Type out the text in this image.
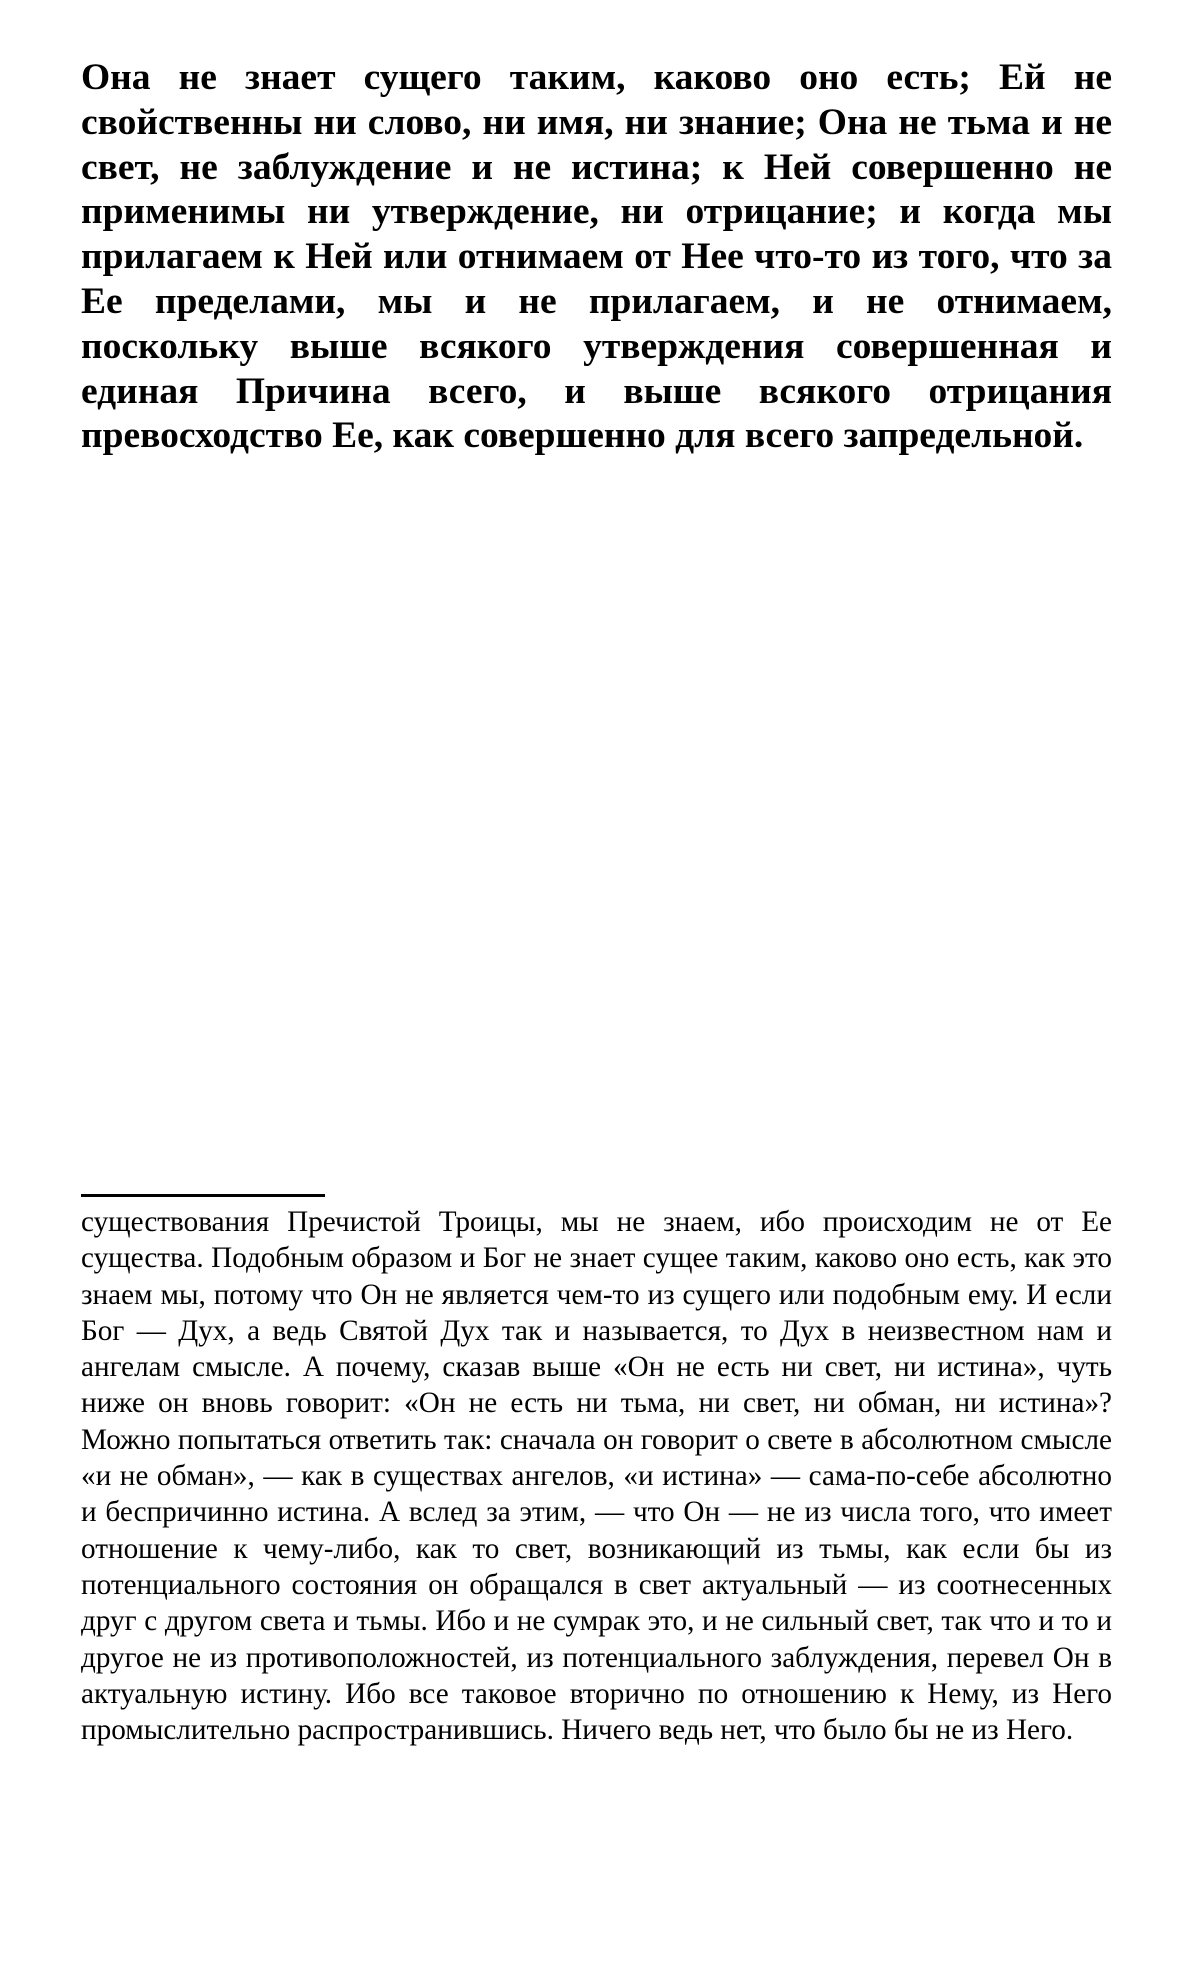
Она не знает сущего таким, каково оно есть; Ей не свойственны ни слово, ни имя, ни знание; Она не тьма и не свет, не заблуждение и не истина; к Ней совершенно не применимы ни утверждение, ни отрицание; и когда мы прилагаем к Ней или отнимаем от Нее что-то из того, что за Ее пределами, мы и не прилагаем, и не отнимаем, поскольку выше всякого утверждения совершенная и единая Причина всего, и выше всякого отрицания превосходство Ее, как совершенно для всего запредельной.

существования Пречистой Троицы, мы не знаем, ибо происходим не от Ее существа. Подобным образом и Бог не знает сущее таким, каково оно есть, как это знаем мы, потому что Он не является чем-то из сущего или подобным ему. И если Бог — Дух, а ведь Святой Дух так и называется, то Дух в неизвестном нам и ангелам смысле. А почему, сказав выше «Он не есть ни свет, ни истина», чуть ниже он вновь говорит: «Он не есть ни тьма, ни свет, ни обман, ни истина»? Можно попытаться ответить так: сначала он говорит о свете в абсолютном смысле «и не обман», — как в существах ангелов, «и истина» — сама-по-себе абсолютно и беспричинно истина. А вслед за этим, — что Он — не из числа того, что имеет отношение к чему-либо, как то свет, возникающий из тьмы, как если бы из потенциального состояния он обращался в свет актуальный — из соотнесенных друг с другом света и тьмы. Ибо и не сумрак это, и не сильный свет, так что и то и другое не из противоположностей, из потенциального заблуждения, перевел Он в актуальную истину. Ибо все таковое вторично по отношению к Нему, из Него промыслительно распространившись. Ничего ведь нет, что было бы не из Него.
